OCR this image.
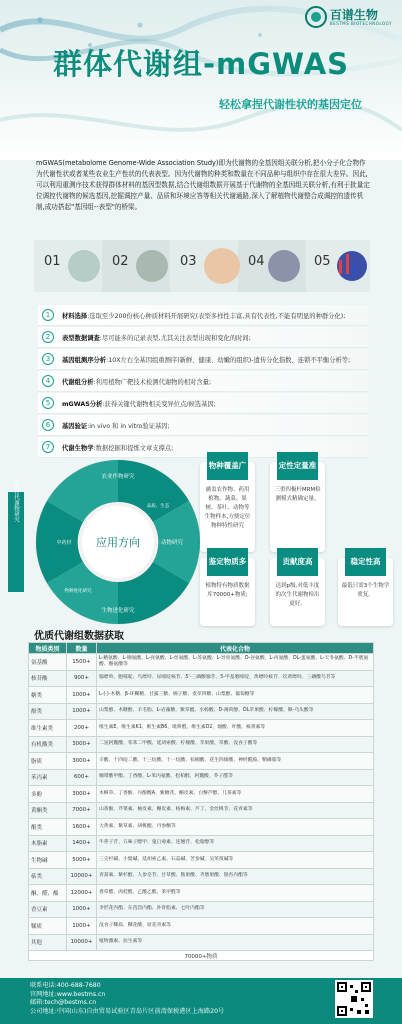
百谱生物
BESTMS BIOTECHNOLOGY
群体代谢组-mGWAS
轻松拿捏代谢性状的基因定位
mGWAS(metabolome Genome-Wide Association Study)即为代谢物的全基因组关联分析,把小分子化合物作为代谢性状或者某些农业生产性状的代表表型。因为代谢物的种类和数量在不同品种与组织中存在很大差异。因此,可以利用重测序技术获得群体材料的基因型数据,结合代谢组数据开展基于代谢物的全基因组关联分析,有利于批量定位调控代谢物的候选基因,挖掘调控产量、品质和环境应答等相关代谢通路,深入了解植物代谢整合成调控的遗传机制,成功搭起"基因组--表型"的桥梁。
01	02	03	04	05
1	材料选择:选取至少200份核心种质材料开展研究(表型多样性丰富,具有代表性,不能有明显的种群分化);
2	表型数据调查:尽可能多的记录表型,尤其关注表型出现和变化的时间;
3	基因组测序分析:10X左右全基因组重测序(新鲜、健康、幼嫩的组织)-遗传分化指数、连锁不平衡分析等;
4	代谢组分析:利用植物广靶技术检测代谢物的相对含量;
5	mGWAS分析:获得关键代谢物相关变异位点/候选基因;
6	基因验证:in vivo 和 in vitro验证基因;
7	代谢生物学:数据挖掘和提炼文章支撑点;
应用方向
中药材代谢物研究
农业作物研究
动物研究
生物进化研究
中药材
品质、生态
物种进化研究
物种覆盖广
涵盖农作物、药用植物、蔬菜、果树、茶叶、动物等生物样本,方便定位物种特性研究
定性定量准
三重四极杆MRM检测模式精确定量。
鉴定物质多
植物特有物质数据库70000+物质;
贡献度高
达到p级,对低丰度的次生代谢物检出更好。
稳定性高
最低只需3个生物学重复。
优质代谢组数据获取
物质类别	数量	代表化合物
氨基酸	1500+	L-精氨酸、L-缬氨酸、L-亮氨酸、L-丝氨酸、L-苏氨酸、L-异亮氨酸、D-谷氨酸、L-丙氨酸、DL-蛋氨酸、L-天冬氨酸、D-半胱氨酸、酪氨酸等
核苷酸	900+	腺嘌呤、胞嘧啶、鸟嘌呤、尿嘧啶核苷、5'-三磷酸腺苷、5-甲基胞嘧啶、黄嘌呤核苷、次黄嘌呤、三磷酸鸟苷等
糖类	1000+	L-(-)-木糖、β-环糊精、甘露三糖、棉子糖、麦芽四糖、山梨醇、葡萄糖等
酚类	1000+	山梨醇、木糖醇、羊毛脂、L-岩藻糖、紫草醌、水杨酸、D-薄荷醇、DL苹果酸、柠檬酸、顺-乌头酸等
维生素类	200+	维生素E、维生素K1、维生素B6、吡哆醛、维生素D2、烟酸、叶酸、核黄素等
有机酸类	3000+	二氢阿魏酸、邻苯二甲酸、延胡索酸、柠檬酸、苹果酸、草酸、没食子酸等
脂质	3000+	辛酸、十四烷二酸、十三烷酸、十一烷酸、棕榈酸、花生四烯酸、神经酰胺、鞘磷脂等
苯丙素	600+	咖啡酸甲酯、丁香酸、L-苯丙氨酸、松柏醇、阿魏酸、芥子醛等
多酚	3000+	木樨草、丁香酚、丹酚酸A、紫檀芪、槲皮素、白藜芦醇、儿茶素等
黄酮类	7000+	山柰酚、芹菜素、柚皮素、槲皮素、杨梅素、芦丁、金丝桃苷、花青素等
醌类	1600+	大黄素、紫草素、胡桃醌、丹参酮等
木脂素	1400+	牛蒡子苷、五味子醇甲、鬼臼毒素、连翘苷、松脂醇等
生物碱	5000+	三尖杉碱、小檗碱、延胡索乙素、石蒜碱、苦参碱、吴茱萸碱等
萜类	10000+	青蒿素、紫杉醇、人参皂苷、甘草酸、熊果酸、齐墩果酸、银杏内酯等
酮、醛、酯	12000+	香草醛、肉桂醛、乙酸乙酯、苯甲醛等
香豆素	1000+	伞形花内酯、东莨菪内酯、补骨脂素、七叶内酯等
鞣质	1000+	没食子鞣质、鞣花酸、原花青素等
其他	10000+	植物激素、抗生素等
70000+物质		
联系电话:400-688-7680
官网地址:www.bestms.cn
邮箱:tech@bestms.cn
公司地址:中国(山东)自由贸易试验区青岛片区前湾保税港区上海路20号
